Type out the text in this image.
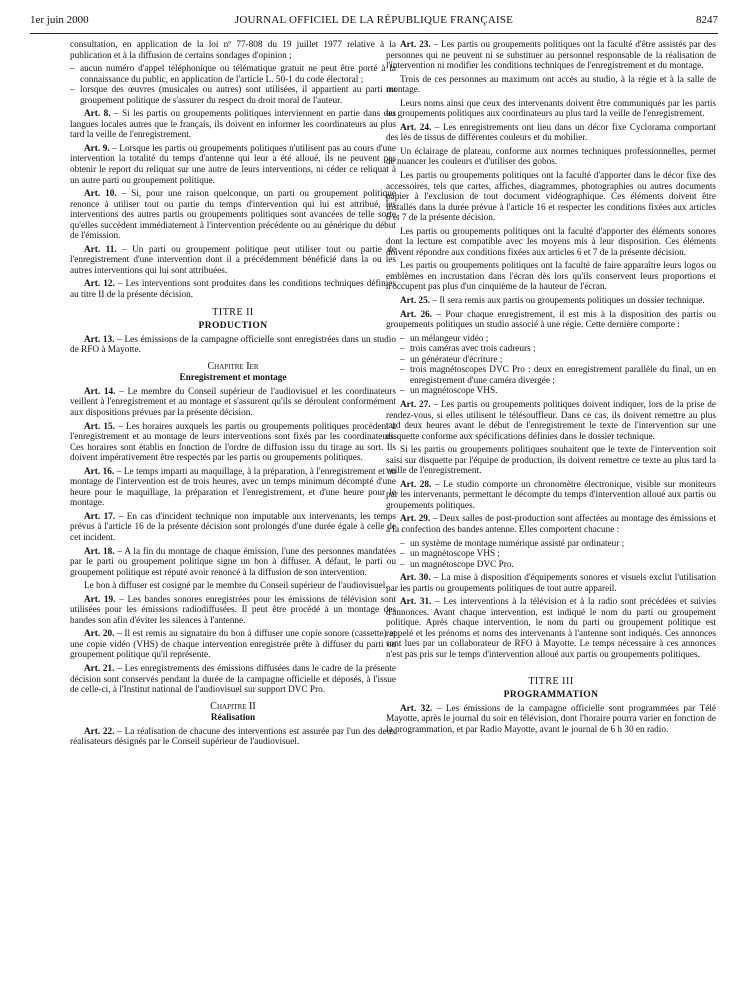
1er juin 2000	JOURNAL OFFICIEL DE LA RÉPUBLIQUE FRANÇAISE	8247

consultation, en application de la loi nº 77-808 du 19 juillet 1977 relative à la publication et à la diffusion de certains sondages d'opinion ;

– aucun numéro d'appel téléphonique ou télématique gratuit ne peut être porté à la connaissance du public, en application de l'article L. 50-1 du code électoral ;
– lorsque des œuvres (musicales ou autres) sont utilisées, il appartient au parti ou groupement politique de s'assurer du respect du droit moral de l'auteur.

Art. 8. – Si les partis ou groupements politiques interviennent en partie dans des langues locales autres que le français, ils doivent en informer les coordinateurs au plus tard la veille de l'enregistrement.

Art. 9. – Lorsque les partis ou groupements politiques n'utilisent pas au cours d'une intervention la totalité du temps d'antenne qui leur a été alloué, ils ne peuvent pas obtenir le report du reliquat sur une autre de leurs interventions, ni céder ce reliquat à un autre parti ou groupement politique.

Art. 10. – Si, pour une raison quelconque, un parti ou groupement politique renonce à utiliser tout ou partie du temps d'intervention qui lui est attribué, les interventions des autres partis ou groupements politiques sont avancées de telle sorte qu'elles succèdent immédiatement à l'intervention précédente ou au générique du début de l'émission.

Art. 11. – Un parti ou groupement politique peut utiliser tout ou partie de l'enregistrement d'une intervention dont il a précédemment bénéficié dans la ou les autres interventions qui lui sont attribuées.

Art. 12. – Les interventions sont produites dans les conditions techniques définies au titre II de la présente décision.

TITRE II

PRODUCTION

Art. 13. – Les émissions de la campagne officielle sont enregistrées dans un studio de RFO à Mayotte.

Chapitre Ier

Enregistrement et montage

Art. 14. – Le membre du Conseil supérieur de l'audiovisuel et les coordinateurs veillent à l'enregistrement et au montage et s'assurent qu'ils se déroulent conformément aux dispositions prévues par la présente décision.

Art. 15. – Les horaires auxquels les partis ou groupements politiques procèdent à l'enregistrement et au montage de leurs interventions sont fixés par les coordinateurs. Ces horaires sont établis en fonction de l'ordre de diffusion issu du tirage au sort. Ils doivent impérativement être respectés par les partis ou groupements politiques.

Art. 16. – Le temps imparti au maquillage, à la préparation, à l'enregistrement et au montage de l'intervention est de trois heures, avec un temps minimum décompté d'une heure pour le maquillage, la préparation et l'enregistrement, et d'une heure pour le montage.

Art. 17. – En cas d'incident technique non imputable aux intervenants, les temps prévus à l'article 16 de la présente décision sont prolongés d'une durée égale à celle de cet incident.

Art. 18. – A la fin du montage de chaque émission, l'une des personnes mandatées par le parti ou groupement politique signe un bon à diffuser. A défaut, le parti ou groupement politique est réputé avoir renoncé à la diffusion de son intervention.

Le bon à diffuser est cosigné par le membre du Conseil supérieur de l'audiovisuel.

Art. 19. – Les bandes sonores enregistrées pour les émissions de télévision sont utilisées pour les émissions radiodiffusées. Il peut être procédé à un montage des bandes son afin d'éviter les silences à l'antenne.

Art. 20. – Il est remis au signataire du bon à diffuser une copie sonore (cassette) et une copie vidéo (VHS) de chaque intervention enregistrée prête à diffuser du parti ou groupement politique qu'il représente.

Art. 21. – Les enregistrements des émissions diffusées dans le cadre de la présente décision sont conservés pendant la durée de la campagne officielle et déposés, à l'issue de celle-ci, à l'Institut national de l'audiovisuel sur support DVC Pro.

Chapitre II

Réalisation

Art. 22. – La réalisation de chacune des interventions est assurée par l'un des deux réalisateurs désignés par le Conseil supérieur de l'audiovisuel.

Art. 23. – Les partis ou groupements politiques ont la faculté d'être assistés par des personnes qui ne peuvent ni se substituer au personnel responsable de la réalisation de l'intervention ni modifier les conditions techniques de l'enregistrement et du montage.

Trois de ces personnes au maximum ont accès au studio, à la régie et à la salle de montage.

Leurs noms ainsi que ceux des intervenants doivent être communiqués par les partis ou groupements politiques aux coordinateurs au plus tard la veille de l'enregistrement.

Art. 24. – Les enregistrements ont lieu dans un décor fixe Cyclorama comportant des lés de tissus de différentes couleurs et du mobilier.

Un éclairage de plateau, conforme aux normes techniques professionnelles, permet de nuancer les couleurs et d'utiliser des gobos.

Les partis ou groupements politiques ont la faculté d'apporter dans le décor fixe des accessoires, tels que cartes, affiches, diagrammes, photographies ou autres documents papier à l'exclusion de tout document vidéographique. Ces éléments doivent être installés dans la durée prévue à l'article 16 et respecter les conditions fixées aux articles 6 et 7 de la présente décision.

Les partis ou groupements politiques ont la faculté d'apporter des éléments sonores dont la lecture est compatible avec les moyens mis à leur disposition. Ces éléments doivent répondre aux conditions fixées aux articles 6 et 7 de la présente décision.

Les partis ou groupements politiques ont la faculté de faire apparaître leurs logos ou emblèmes en incrustation dans l'écran dès lors qu'ils conservent leurs proportions et n'occupent pas plus d'un cinquième de la hauteur de l'écran.

Art. 25. – Il sera remis aux partis ou groupements politiques un dossier technique.

Art. 26. – Pour chaque enregistrement, il est mis à la disposition des partis ou groupements politiques un studio associé à une régie. Cette dernière comporte :

– un mélangeur vidéo ;
– trois caméras avec trois cadreurs ;
– un générateur d'écriture ;
– trois magnétoscopes DVC Pro : deux en enregistrement parallèle du final, un en enregistrement d'une caméra divergée ;
– un magnétoscope VHS.

Art. 27. – Les partis ou groupements politiques doivent indiquer, lors de la prise de rendez-vous, si elles utilisent le télésouffleur. Dans ce cas, ils doivent remettre au plus tard deux heures avant le début de l'enregistrement le texte de l'intervention sur une disquette conforme aux spécifications définies dans le dossier technique.

Si les partis ou groupements politiques souhaitent que le texte de l'intervention soit saisi sur disquette par l'équipe de production, ils doivent remettre ce texte au plus tard la veille de l'enregistrement.

Art. 28. – Le studio comporte un chronomètre électronique, visible sur moniteurs par les intervenants, permettant le décompte du temps d'intervention alloué aux partis ou groupements politiques.

Art. 29. – Deux salles de post-production sont affectées au montage des émissions et à la confection des bandes antenne. Elles comportent chacune :

– un système de montage numérique assisté par ordinateur ;
– un magnétoscope VHS ;
– un magnétoscope DVC Pro.

Art. 30. – La mise à disposition d'équipements sonores et visuels exclut l'utilisation par les partis ou groupements politiques de tout autre appareil.

Art. 31. – Les interventions à la télévision et à la radio sont précédées et suivies d'annonces. Avant chaque intervention, est indiqué le nom du parti ou groupement politique. Après chaque intervention, le nom du parti ou groupement politique est rappelé et les prénoms et noms des intervenants à l'antenne sont indiqués. Ces annonces sont lues par un collaborateur de RFO à Mayotte. Le temps nécessaire à ces annonces n'est pas pris sur le temps d'intervention alloué aux partis ou groupements politiques.

TITRE III

PROGRAMMATION

Art. 32. – Les émissions de la campagne officielle sont programmées par Télé Mayotte, après le journal du soir en télévision, dont l'horaire pourra varier en fonction de la programmation, et par Radio Mayotte, avant le journal de 6 h 30 en radio.
